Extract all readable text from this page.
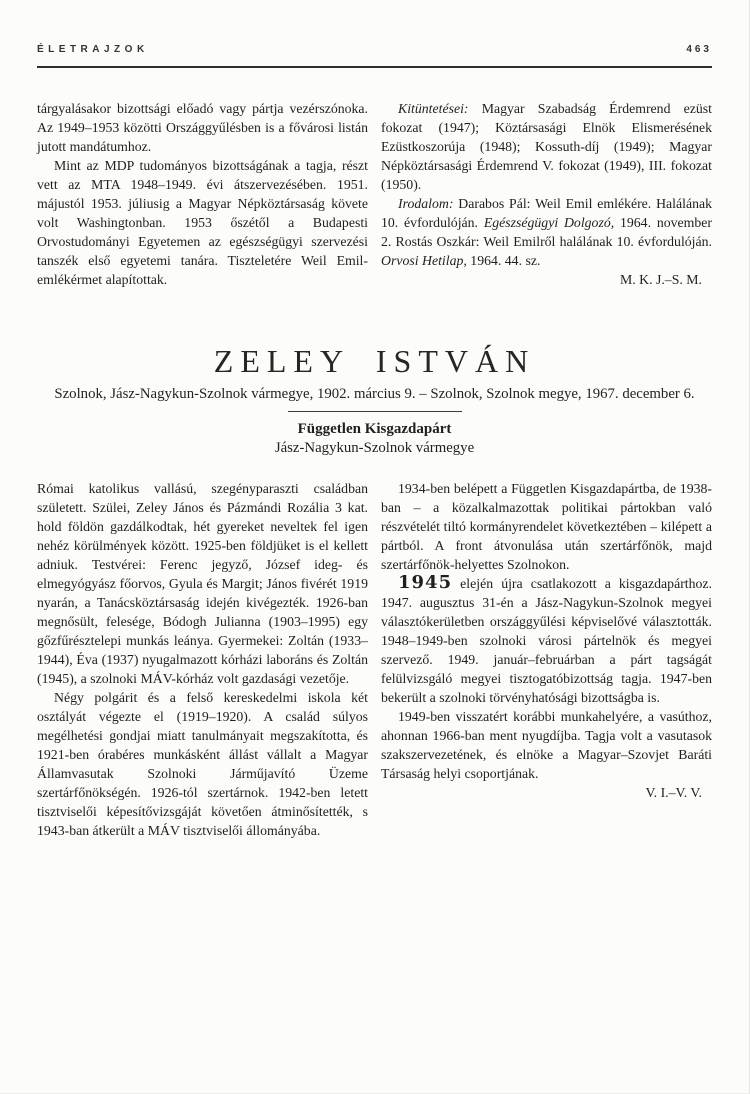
ÉLETRAJZOK	463

tárgyalásakor bizottsági előadó vagy pártja vezérszónoka. Az 1949–1953 közötti Országgyűlésben is a fővárosi listán jutott mandátumhoz.

Mint az MDP tudományos bizottságának a tagja, részt vett az MTA 1948–1949. évi átszervezésében. 1951. májustól 1953. júliusig a Magyar Népköztársaság követe volt Washingtonban. 1953 őszétől a Budapesti Orvostudományi Egyetemen az egészségügyi szervezési tanszék első egyetemi tanára. Tiszteletére Weil Emil-emlékérmet alapítottak.

Kitüntetései: Magyar Szabadság Érdemrend ezüst fokozat (1947); Köztársasági Elnök Elismerésének Ezüstkoszorúja (1948); Kossuth-díj (1949); Magyar Népköztársasági Érdemrend V. fokozat (1949), III. fokozat (1950).

Irodalom: Darabos Pál: Weil Emil emlékére. Halálának 10. évfordulóján. Egészségügyi Dolgozó, 1964. november 2. Rostás Oszkár: Weil Emilről halálának 10. évfordulóján. Orvosi Hetilap, 1964. 44. sz.

M. K. J.–S. M.

ZELEY ISTVÁN
Szolnok, Jász-Nagykun-Szolnok vármegye, 1902. március 9. – Szolnok, Szolnok megye, 1967. december 6.
Független Kisgazdapárt
Jász-Nagykun-Szolnok vármegye

Római katolikus vallású, szegényparaszti családban született. Szülei, Zeley János és Pázmándi Rozália 3 kat. hold földön gazdálkodtak, hét gyereket neveltek fel igen nehéz körülmények között. 1925-ben földjüket is el kellett adniuk. Testvérei: Ferenc jegyző, József ideg- és elmegyógyász főorvos, Gyula és Margit; János fivérét 1919 nyarán, a Tanácsköztársaság idején kivégezték. 1926-ban megnősült, felesége, Bódogh Julianna (1903–1995) egy gőzfűrésztelepi munkás leánya. Gyermekei: Zoltán (1933–1944), Éva (1937) nyugalmazott kórházi laboráns és Zoltán (1945), a szolnoki MÁV-kórház volt gazdasági vezetője.

Négy polgárit és a felső kereskedelmi iskola két osztályát végezte el (1919–1920). A család súlyos megélhetési gondjai miatt tanulmányait megszakította, és 1921-ben órabéres munkásként állást vállalt a Magyar Államvasutak Szolnoki Járműjavító Üzeme szertárfőnökségén. 1926-tól szertárnok. 1942-ben letett tisztviselői képesítővizsgáját követően átminősítették, s 1943-ban átkerült a MÁV tisztviselői állományába.

1934-ben belépett a Független Kisgazdapártba, de 1938-ban – a közalkalmazottak politikai pártokban való részvételét tiltó kormányrendelet következtében – kilépett a pártból. A front átvonulása után szertárfőnök, majd szertárfőnök-helyettes Szolnokon.

1945 elején újra csatlakozott a kisgazdapárthoz. 1947. augusztus 31-én a Jász-Nagykun-Szolnok megyei választókerületben országgyűlési képviselővé választották. 1948–1949-ben szolnoki városi pártelnök és megyei szervező. 1949. január–februárban a párt tagságát felülvizsgáló megyei tisztogatóbizottság tagja. 1947-ben bekerült a szolnoki törvényhatósági bizottságba is.

1949-ben visszatért korábbi munkahelyére, a vasúthoz, ahonnan 1966-ban ment nyugdíjba. Tagja volt a vasutasok szakszervezetének, és elnöke a Magyar–Szovjet Baráti Társaság helyi csoportjának.

V. I.–V. V.
